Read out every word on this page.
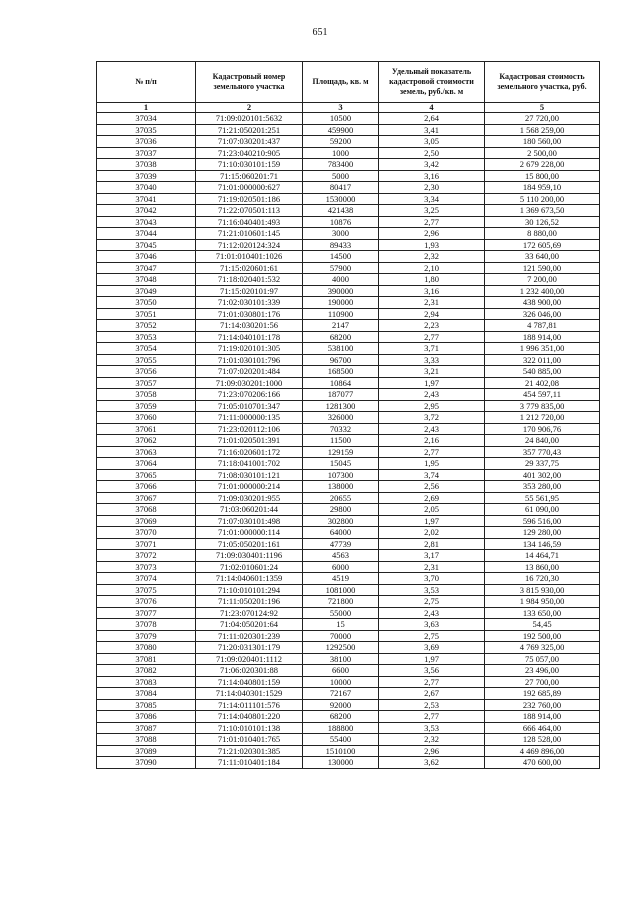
651
№ п/п	Кадастровый номер земельного участка	Площадь, кв. м	Удельный показатель кадастровой стоимости земель, руб./кв. м	Кадастровая стоимость земельного участка, руб.
1	2	3	4	5
37034	71:09:020101:5632	10500	2,64	27 720,00
37035	71:21:050201:251	459900	3,41	1 568 259,00
37036	71:07:030201:437	59200	3,05	180 560,00
37037	71:23:040210:905	1000	2,50	2 500,00
37038	71:10:030101:159	783400	3,42	2 679 228,00
37039	71:15:060201:71	5000	3,16	15 800,00
37040	71:01:000000:627	80417	2,30	184 959,10
37041	71:19:020501:186	1530000	3,34	5 110 200,00
37042	71:22:070501:113	421438	3,25	1 369 673,50
37043	71:16:040401:493	10876	2,77	30 126,52
37044	71:21:010601:145	3000	2,96	8 880,00
37045	71:12:020124:324	89433	1,93	172 605,69
37046	71:01:010401:1026	14500	2,32	33 640,00
37047	71:15:020601:61	57900	2,10	121 590,00
37048	71:18:020401:532	4000	1,80	7 200,00
37049	71:15:020101:97	390000	3,16	1 232 400,00
37050	71:02:030101:339	190000	2,31	438 900,00
37051	71:01:030801:176	110900	2,94	326 046,00
37052	71:14:030201:56	2147	2,23	4 787,81
37053	71:14:040101:178	68200	2,77	188 914,00
37054	71:19:020101:305	538100	3,71	1 996 351,00
37055	71:01:030101:796	96700	3,33	322 011,00
37056	71:07:020201:484	168500	3,21	540 885,00
37057	71:09:030201:1000	10864	1,97	21 402,08
37058	71:23:070206:166	187077	2,43	454 597,11
37059	71:05:010701:347	1281300	2,95	3 779 835,00
37060	71:11:000000:135	326000	3,72	1 212 720,00
37061	71:23:020112:106	70332	2,43	170 906,76
37062	71:01:020501:391	11500	2,16	24 840,00
37063	71:16:020601:172	129159	2,77	357 770,43
37064	71:18:041001:702	15045	1,95	29 337,75
37065	71:08:030101:121	107300	3,74	401 302,00
37066	71:01:000000:214	138000	2,56	353 280,00
37067	71:09:030201:955	20655	2,69	55 561,95
37068	71:03:060201:44	29800	2,05	61 090,00
37069	71:07:030101:498	302800	1,97	596 516,00
37070	71:01:000000:114	64000	2,02	129 280,00
37071	71:05:050201:161	47739	2,81	134 146,59
37072	71:09:030401:1196	4563	3,17	14 464,71
37073	71:02:010601:24	6000	2,31	13 860,00
37074	71:14:040601:1359	4519	3,70	16 720,30
37075	71:10:010101:294	1081000	3,53	3 815 930,00
37076	71:11:050201:196	721800	2,75	1 984 950,00
37077	71:23:070124:92	55000	2,43	133 650,00
37078	71:04:050201:64	15	3,63	54,45
37079	71:11:020301:239	70000	2,75	192 500,00
37080	71:20:031301:179	1292500	3,69	4 769 325,00
37081	71:09:020401:1112	38100	1,97	75 057,00
37082	71:06:020301:88	6600	3,56	23 496,00
37083	71:14:040801:159	10000	2,77	27 700,00
37084	71:14:040301:1529	72167	2,67	192 685,89
37085	71:14:011101:576	92000	2,53	232 760,00
37086	71:14:040801:220	68200	2,77	188 914,00
37087	71:10:010101:138	188800	3,53	666 464,00
37088	71:01:010401:765	55400	2,32	128 528,00
37089	71:21:020301:385	1510100	2,96	4 469 896,00
37090	71:11:010401:184	130000	3,62	470 600,00
